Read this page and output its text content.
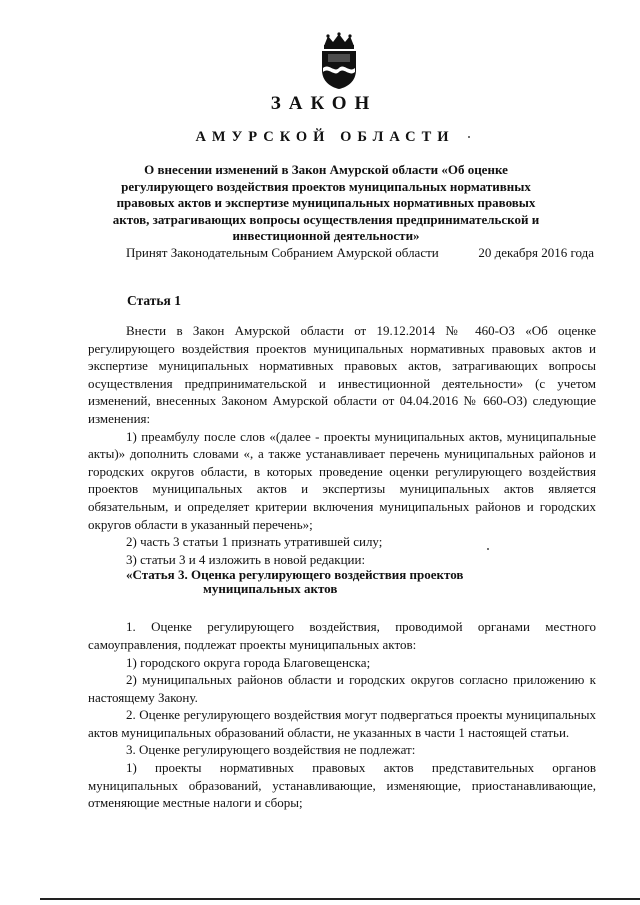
ЗАКОН
АМУРСКОЙ ОБЛАСТИ
О внесении изменений в Закон Амурской области «Об оценке регулирующего воздействия проектов муниципальных нормативных правовых актов и экспертизе муниципальных нормативных правовых актов, затрагивающих вопросы осуществления предпринимательской и инвестиционной деятельности»
Принят Законодательным Собранием Амурской области	20 декабря 2016 года
Статья 1

Внести в Закон Амурской области от 19.12.2014 № 460-ОЗ «Об оценке регулирующего воздействия проектов муниципальных нормативных правовых актов и экспертизе муниципальных нормативных правовых актов, затрагивающих вопросы осуществления предпринимательской и инвестиционной деятельности» (с учетом изменений, внесенных Законом Амурской области от 04.04.2016 № 660-ОЗ) следующие изменения:

1) преамбулу после слов «(далее - проекты муниципальных актов, муниципальные акты)» дополнить словами «, а также устанавливает перечень муниципальных районов и городских округов области, в которых проведение оценки регулирующего воздействия проектов муниципальных актов и экспертизы муниципальных актов является обязательным, и определяет критерии включения муниципальных районов и городских округов области в указанный перечень»;

2) часть 3 статьи 1 признать утратившей силу;

3) статьи 3 и 4 изложить в новой редакции:

«Статья 3. Оценка регулирующего воздействия проектов
муниципальных актов

1. Оценке регулирующего воздействия, проводимой органами местного самоуправления, подлежат проекты муниципальных актов:

1) городского округа города Благовещенска;

2) муниципальных районов области и городских округов согласно приложению к настоящему Закону.

2. Оценке регулирующего воздействия могут подвергаться проекты муниципальных актов муниципальных образований области, не указанных в части 1 настоящей статьи.

3. Оценке регулирующего воздействия не подлежат:

1) проекты нормативных правовых актов представительных органов муниципальных образований, устанавливающие, изменяющие, приостанавливающие, отменяющие местные налоги и сборы;
